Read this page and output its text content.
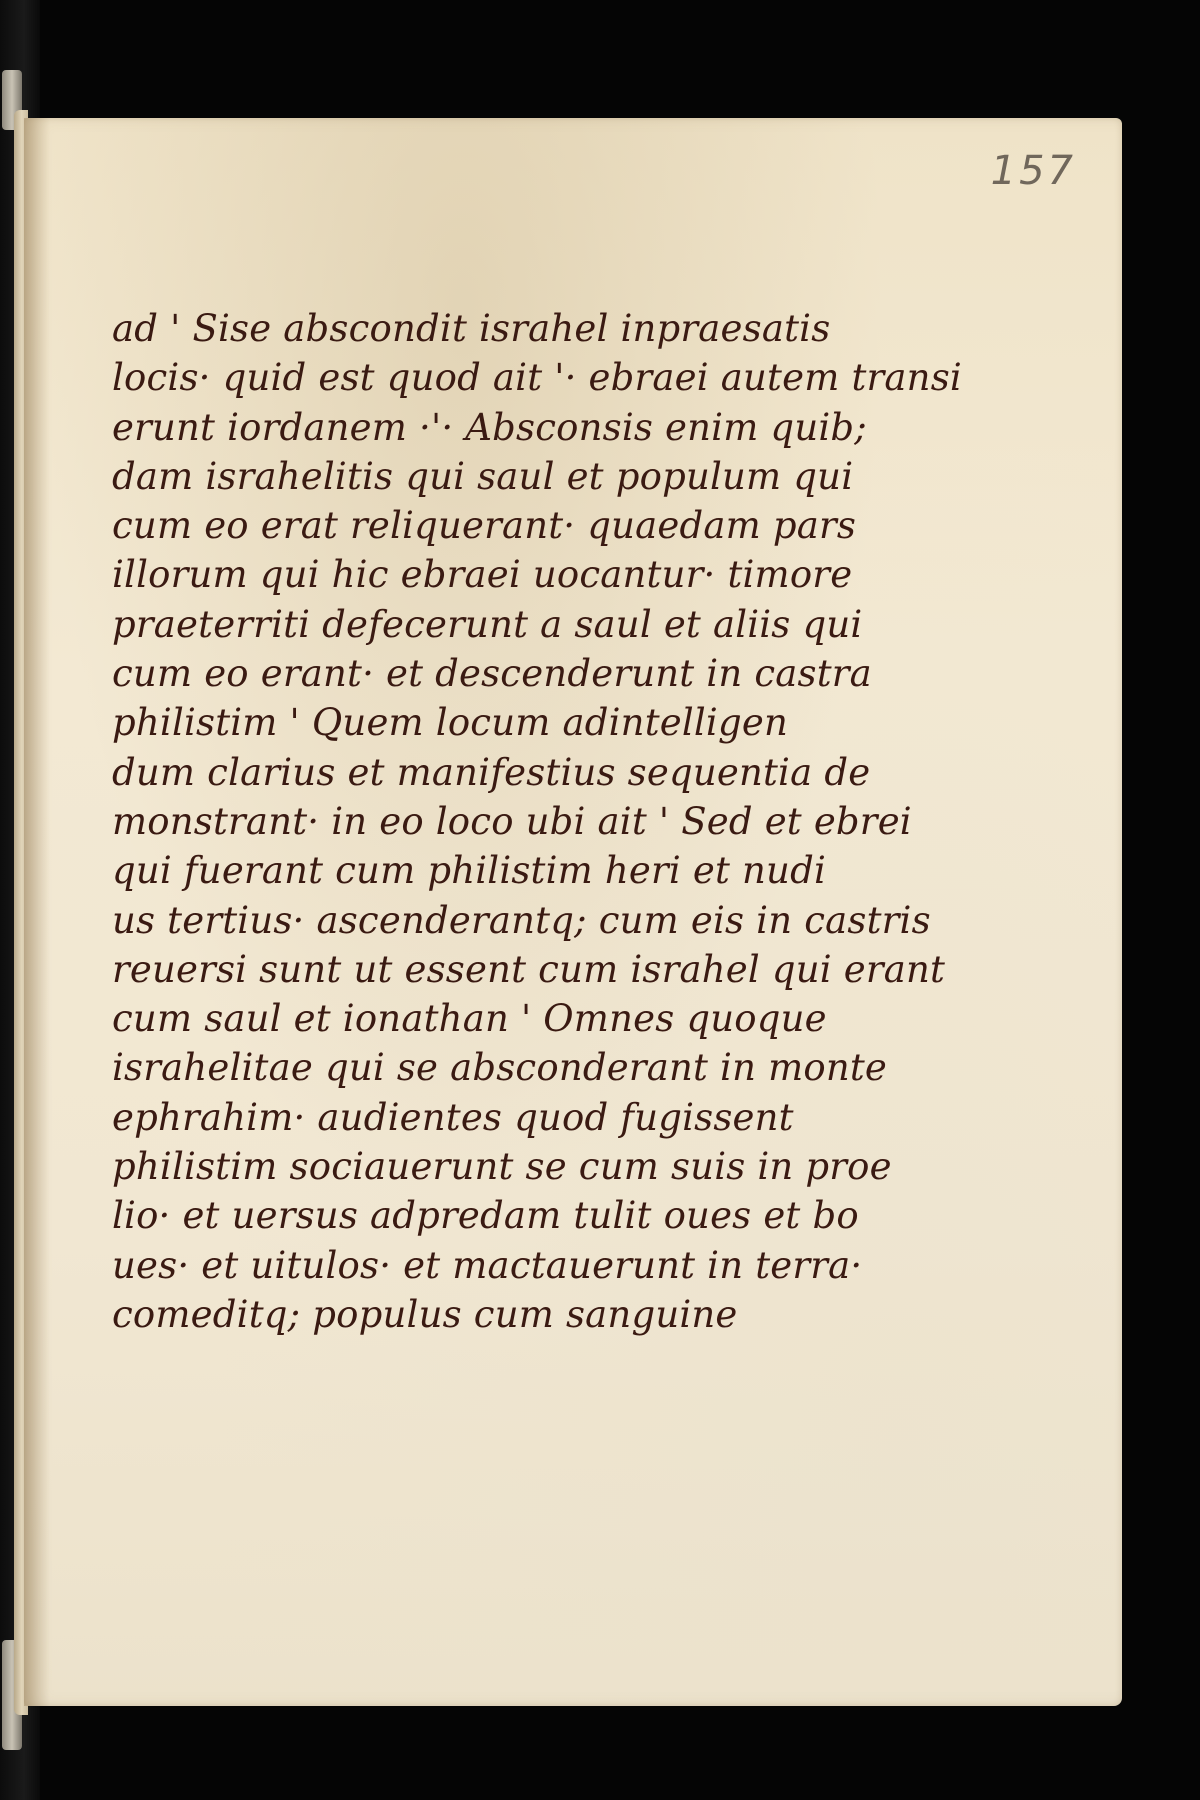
157
ad ' Sise abscondit israhel inpraesatis
locis· quid est quod ait '· ebraei autem transi
erunt iordanem ·'· Absconsis enim quib;
dam israhelitis qui saul et populum qui
cum eo erat reliquerant· quaedam pars
illorum qui hic ebraei uocantur· timore
praeterriti defecerunt a saul et aliis qui
cum eo erant· et descenderunt in castra
philistim ' Quem locum adintelligen
dum clarius et manifestius sequentia de
monstrant· in eo loco ubi ait ' Sed et ebrei
qui fuerant cum philistim heri et nudi
us tertius· ascenderantq; cum eis in castris
reuersi sunt ut essent cum israhel qui erant
cum saul et ionathan ' Omnes quoque
israhelitae qui se absconderant in monte
ephrahim· audientes quod fugissent
philistim sociauerunt se cum suis in proe
lio· et uersus adpredam tulit oues et bo
ues· et uitulos· et mactauerunt in terra·
comeditq; populus cum sanguine
